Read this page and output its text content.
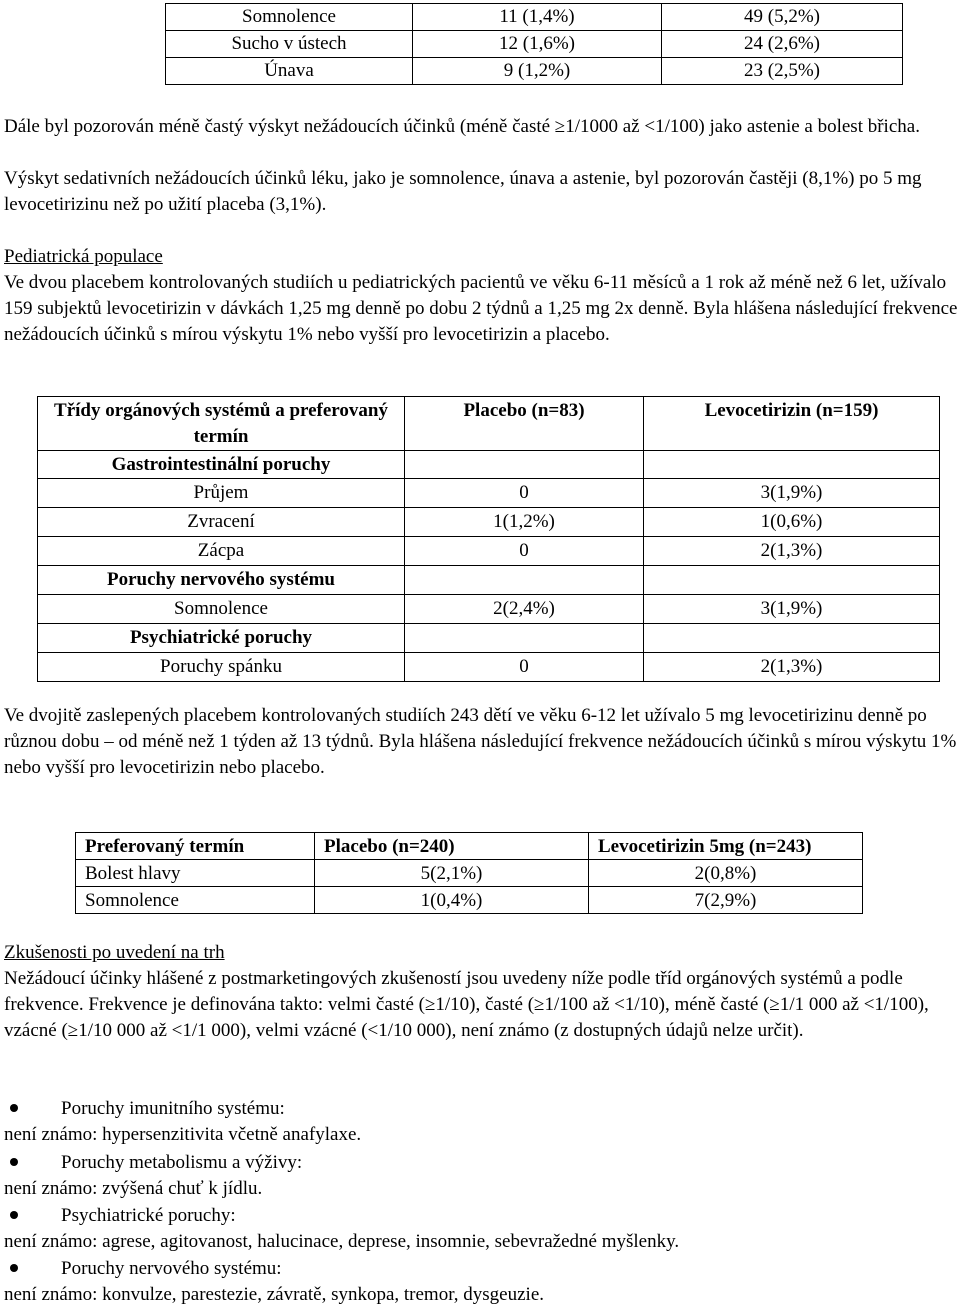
Somnolence	11 (1,4%)	49 (5,2%)
Sucho v ústech	12 (1,6%)	24 (2,6%)
Únava	9 (1,2%)	23 (2,5%)

Dále byl pozorován méně častý výskyt nežádoucích účinků (méně časté ≥1/1000 až <1/100) jako astenie a bolest břicha.

Výskyt sedativních nežádoucích účinků léku, jako je somnolence, únava a astenie, byl pozorován častěji (8,1%) po 5 mg levocetirizinu než po užití placeba (3,1%).

Pediatrická populace

Ve dvou placebem kontrolovaných studiích u pediatrických pacientů ve věku 6-11 měsíců a 1 rok až méně než 6 let, užívalo 159 subjektů levocetirizin v dávkách 1,25 mg denně po dobu 2 týdnů a 1,25 mg 2x denně. Byla hlášena následující frekvence nežádoucích účinků s mírou výskytu 1% nebo vyšší pro levocetirizin a placebo.

Třídy orgánových systémů a preferovaný termín	Placebo (n=83)	Levocetirizin (n=159)
Gastrointestinální poruchy		
Průjem	0	3(1,9%)
Zvracení	1(1,2%)	1(0,6%)
Zácpa	0	2(1,3%)
Poruchy nervového systému		
Somnolence	2(2,4%)	3(1,9%)
Psychiatrické poruchy		
Poruchy spánku	0	2(1,3%)

Ve dvojitě zaslepených placebem kontrolovaných studiích 243 dětí ve věku 6-12 let užívalo 5 mg levocetirizinu denně po různou dobu – od méně než 1 týden až 13 týdnů. Byla hlášena následující frekvence nežádoucích účinků s mírou výskytu 1% nebo vyšší pro levocetirizin nebo placebo.

Preferovaný termín	Placebo (n=240)	Levocetirizin 5mg (n=243)
Bolest hlavy	5(2,1%)	2(0,8%)
Somnolence	1(0,4%)	7(2,9%)

Zkušenosti po uvedení na trh

Nežádoucí účinky hlášené z postmarketingových zkušeností jsou uvedeny níže podle tříd orgánových systémů a podle frekvence. Frekvence je definována takto: velmi časté (≥1/10), časté (≥1/100 až <1/10), méně časté (≥1/1 000 až <1/100), vzácné (≥1/10 000 až <1/1 000), velmi vzácné (<1/10 000), není známo (z dostupných údajů nelze určit).

Poruchy imunitního systému:
není známo: hypersenzitivita včetně anafylaxe.
Poruchy metabolismu a výživy:
není známo: zvýšená chuť k jídlu.
Psychiatrické poruchy:
není známo: agrese, agitovanost, halucinace, deprese, insomnie, sebevražedné myšlenky.
Poruchy nervového systému:
není známo: konvulze, parestezie, závratě, synkopa, tremor, dysgeuzie.
